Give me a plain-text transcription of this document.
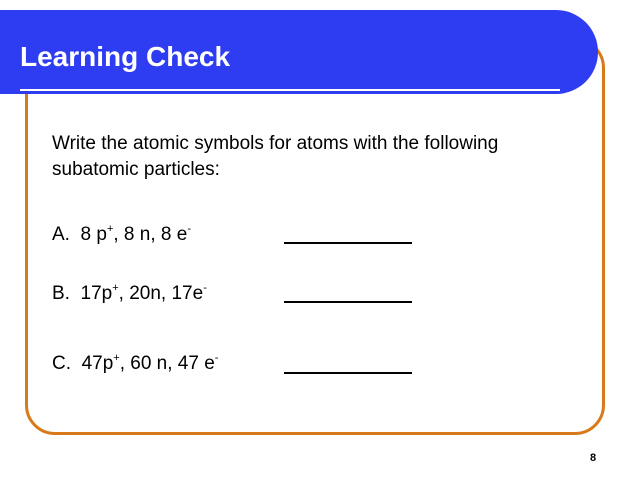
Learning Check
Write the atomic symbols for atoms with the following subatomic particles:
A. 8 p+, 8 n, 8 e-
B. 17p+, 20n, 17e-
C. 47p+, 60 n, 47 e-
8
